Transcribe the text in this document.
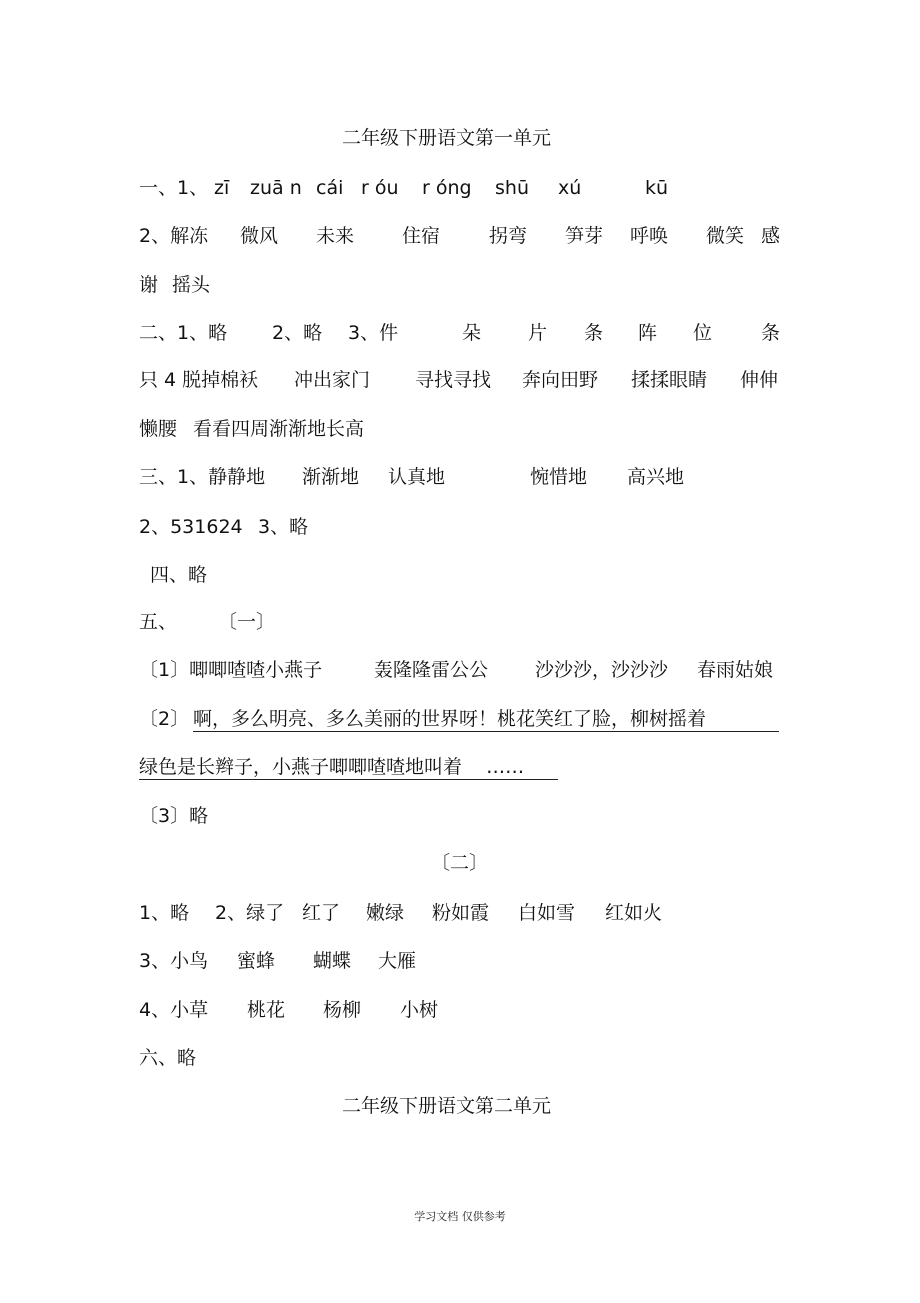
二年级下册语文第一单元

一、1、

zī

zuā n

cái

r óu

r óng

shū

xú

	kū

2、解冻

微风

未来

	住宿

	拐弯

笋芽

呼唤

微笑

感

谢

摇头

二、1、略

2、略

3、件

	朵

片

条

阵

位

	条

只 4 脱掉棉袄

冲出家门

寻找寻找

奔向田野

揉揉眼睛

伸伸

懒腰

看看四周渐渐地长高

三、1、静静地

渐渐地

认真地

	惋惜地

高兴地

2、531624

3、略

四、略

五、

〔一〕

〔1〕唧唧喳喳小燕子

	轰隆隆雷公公

沙沙沙，沙沙沙

春雨姑娘

〔2〕

啊，多么明亮、多么美丽的世界呀！桃花笑红了脸，柳树摇着

绿色是长辫子，小燕子唧唧喳喳地叫着    ……

〔3〕略

〔二〕

1、略

2、绿了

红了

嫩绿

粉如霞

白如雪

红如火

3、小鸟

蜜蜂

蝴蝶

大雁

4、小草

桃花

杨柳

小树

六、略

二年级下册语文第二单元
学习文档 仅供参考
